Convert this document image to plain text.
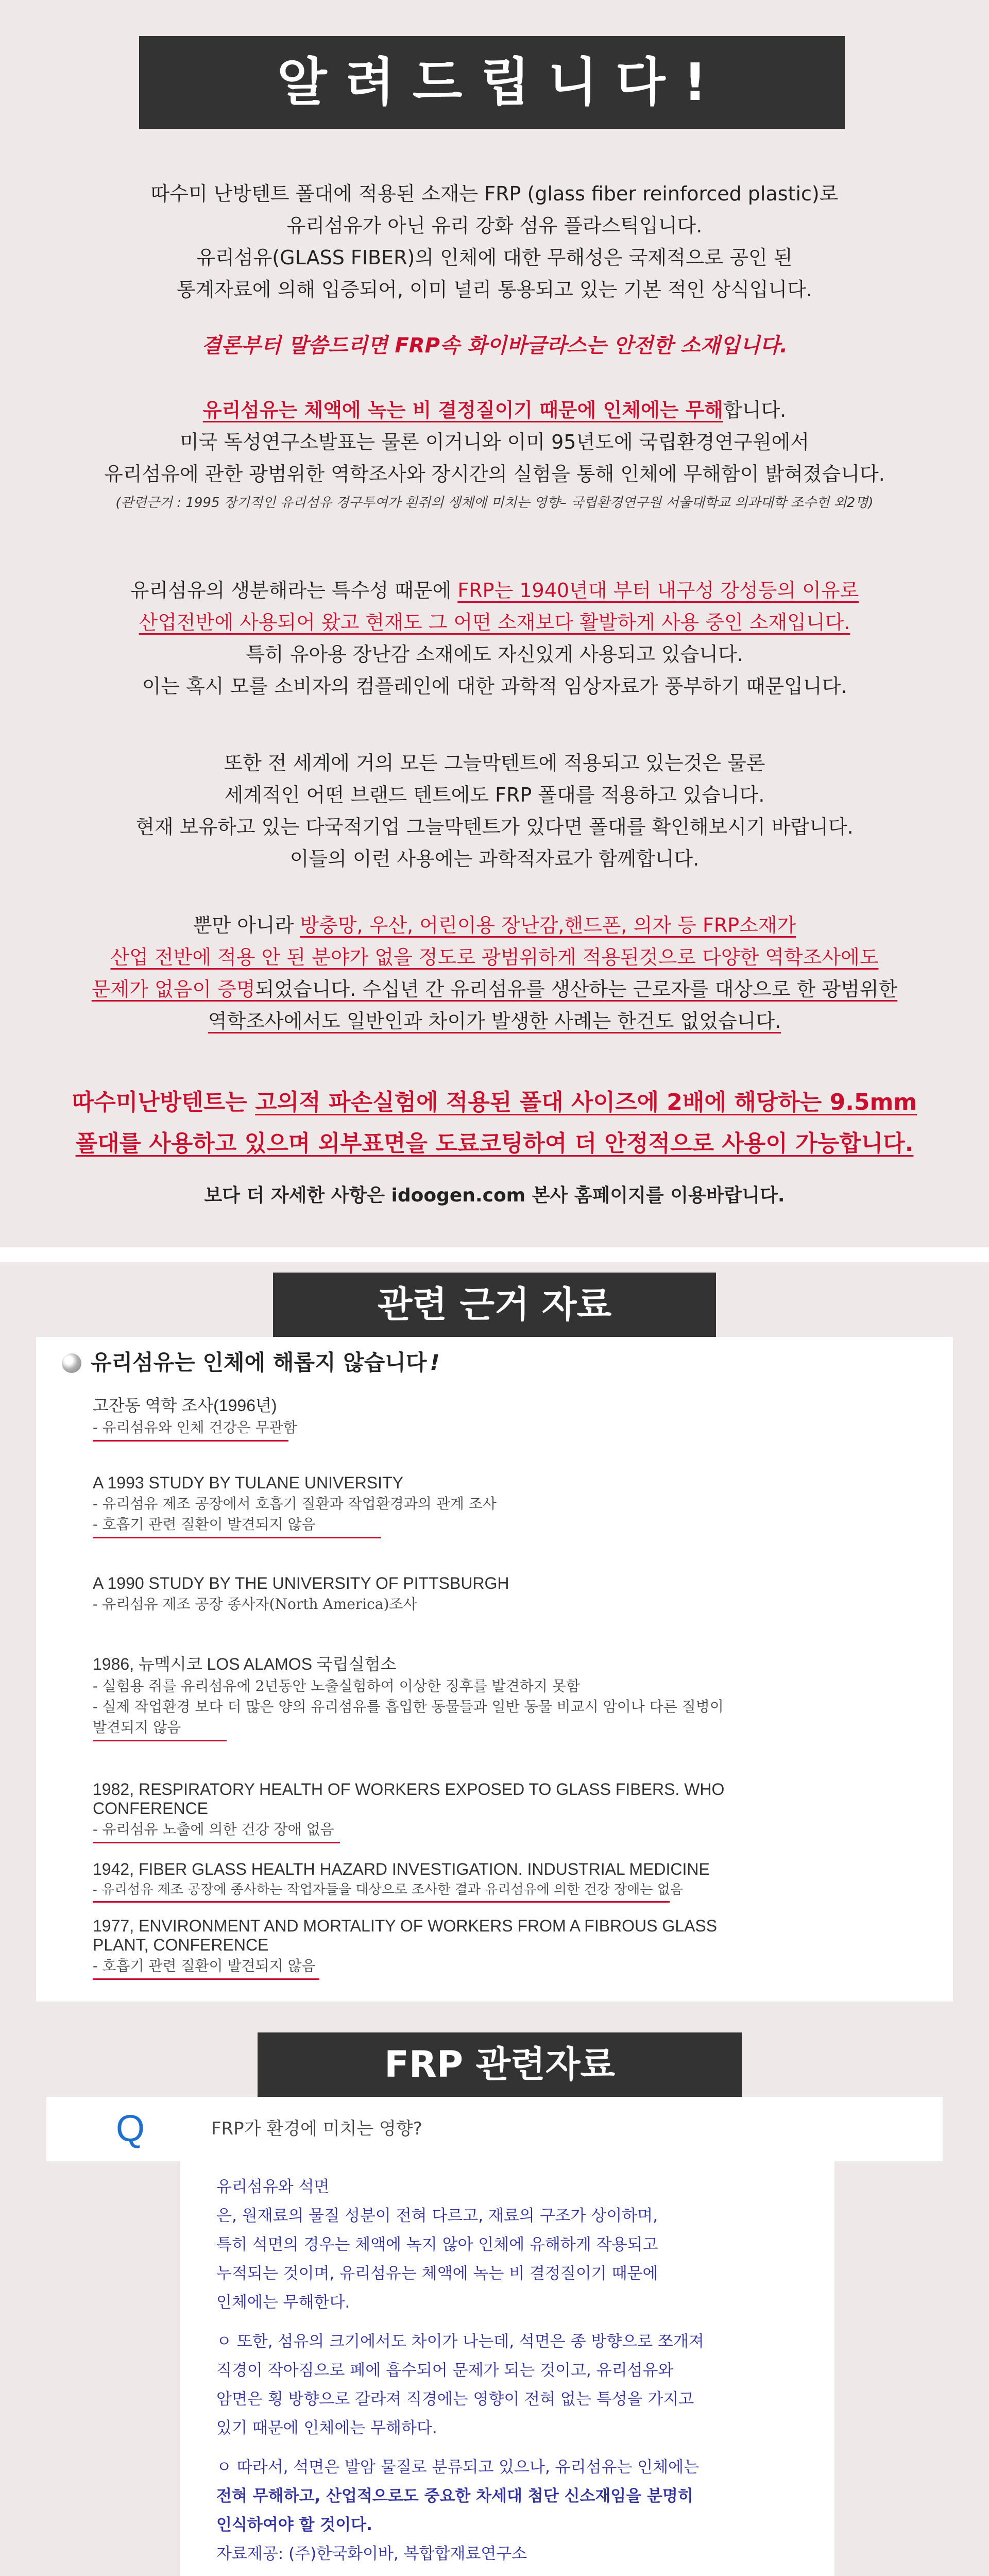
알 려 드 립 니 다 !
따수미 난방텐트 폴대에 적용된 소재는 FRP (glass fiber reinforced plastic)로
유리섬유가 아닌 유리 강화 섬유 플라스틱입니다.
유리섬유(GLASS FIBER)의 인체에 대한 무해성은 국제적으로 공인 된
통계자료에 의해 입증되어, 이미 널리 통용되고 있는 기본 적인 상식입니다.
결론부터 말씀드리면 FRP속 화이바글라스는 안전한 소재입니다.
유리섬유는 체액에 녹는 비 결정질이기 때문에 인체에는 무해합니다.
미국 독성연구소발표는 물론 이거니와 이미 95년도에 국립환경연구원에서
유리섬유에 관한 광범위한 역학조사와 장시간의 실험을 통해 인체에 무해함이 밝혀졌습니다.
(관련근거 : 1995 장기적인 유리섬유 경구투여가 흰쥐의 생체에 미치는 영향– 국립환경연구원 서울대학교 의과대학 조수헌 외2명)
유리섬유의 생분해라는 특수성 때문에 FRP는 1940년대 부터 내구성 강성등의 이유로
산업전반에 사용되어 왔고 현재도 그 어떤 소재보다 활발하게 사용 중인 소재입니다.
특히 유아용 장난감 소재에도 자신있게 사용되고 있습니다.
이는 혹시 모를 소비자의 컴플레인에 대한 과학적 임상자료가 풍부하기 때문입니다.
또한 전 세계에 거의 모든 그늘막텐트에 적용되고 있는것은 물론
세계적인 어떤 브랜드 텐트에도 FRP 폴대를 적용하고 있습니다.
현재 보유하고 있는 다국적기업 그늘막텐트가 있다면 폴대를 확인해보시기 바랍니다.
이들의 이런 사용에는 과학적자료가 함께합니다.
뿐만 아니라 방충망, 우산, 어린이용 장난감,핸드폰, 의자 등 FRP소재가
산업 전반에 적용 안 된 분야가 없을 정도로 광범위하게 적용된것으로 다양한 역학조사에도
문제가 없음이 증명되었습니다. 수십년 간 유리섬유를 생산하는 근로자를 대상으로 한 광범위한
역학조사에서도 일반인과 차이가 발생한 사례는 한건도 없었습니다.
따수미난방텐트는 고의적 파손실험에 적용된 폴대 사이즈에 2배에 해당하는 9.5mm
폴대를 사용하고 있으며 외부표면을 도료코팅하여 더 안정적으로 사용이 가능합니다.
보다 더 자세한 사항은 idoogen.com 본사 홈페이지를 이용바랍니다.
관련 근거 자료
유리섬유는 인체에 해롭지 않습니다 !

고잔동 역학 조사(1996년)

- 유리섬유와 인체 건강은 무관함

A 1993 STUDY BY TULANE UNIVERSITY

- 유리섬유 제조 공장에서 호흡기 질환과 작업환경과의 관계 조사

- 호흡기 관련 질환이 발견되지 않음

A 1990 STUDY BY THE UNIVERSITY OF PITTSBURGH

- 유리섬유 제조 공장 종사자(North America)조사

1986, 뉴멕시코 LOS ALAMOS 국립실험소

- 실험용 쥐를 유리섬유에 2년동안 노출실험하여 이상한 징후를 발견하지 못함

- 실제 작업환경 보다 더 많은 양의 유리섬유를 흡입한 동물들과 일반 동물 비교시 암이나 다른 질병이

발견되지 않음

1982, RESPIRATORY HEALTH OF WORKERS EXPOSED TO GLASS FIBERS. WHO

CONFERENCE

- 유리섬유 노출에 의한 건강 장애 없음

1942, FIBER GLASS HEALTH HAZARD INVESTIGATION. INDUSTRIAL MEDICINE

- 유리섬유 제조 공장에 종사하는 작업자들을 대상으로 조사한 결과 유리섬유에 의한 건강 장애는 없음

1977, ENVIRONMENT AND MORTALITY OF WORKERS FROM A FIBROUS GLASS

PLANT, CONFERENCE

- 호흡기 관련 질환이 발견되지 않음

FRP 관련자료
Q	FRP가 환경에 미치는 영향?
유리섬유와 석면
은, 원재료의 물질 성분이 전혀 다르고, 재료의 구조가 상이하며,
특히 석면의 경우는 체액에 녹지 않아 인체에 유해하게 작용되고
누적되는 것이며, 유리섬유는 체액에 녹는 비 결정질이기 때문에
인체에는 무해한다.
ㅇ 또한, 섬유의 크기에서도 차이가 나는데, 석면은 종 방향으로 쪼개져
직경이 작아짐으로 폐에 흡수되어 문제가 되는 것이고, 유리섬유와
암면은 횡 방향으로 갈라져 직경에는 영향이 전혀 없는 특성을 가지고
있기 때문에 인체에는 무해하다.
ㅇ 따라서, 석면은 발암 물질로 분류되고 있으나, 유리섬유는 인체에는
전혀 무해하고, 산업적으로도 중요한 차세대 첨단 신소재임을 분명히
인식하여야 할 것이다.
자료제공: (주)한국화이바, 복합합재료연구소
